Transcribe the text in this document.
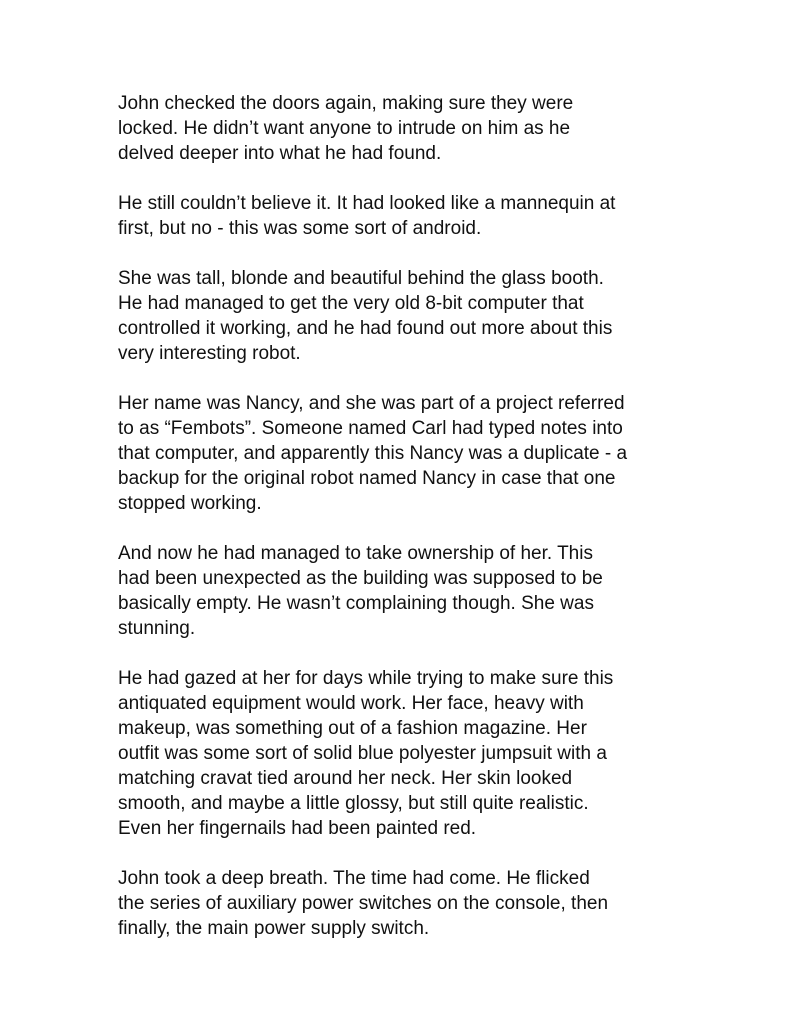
John checked the doors again, making sure they were
locked. He didn’t want anyone to intrude on him as he
delved deeper into what he had found.

He still couldn’t believe it. It had looked like a mannequin at
first, but no - this was some sort of android.

She was tall, blonde and beautiful behind the glass booth.
He had managed to get the very old 8-bit computer that
controlled it working, and he had found out more about this
very interesting robot.

Her name was Nancy, and she was part of a project referred
to as “Fembots”. Someone named Carl had typed notes into
that computer, and apparently this Nancy was a duplicate - a
backup for the original robot named Nancy in case that one
stopped working.

And now he had managed to take ownership of her. This
had been unexpected as the building was supposed to be
basically empty. He wasn’t complaining though. She was
stunning.

He had gazed at her for days while trying to make sure this
antiquated equipment would work. Her face, heavy with
makeup, was something out of a fashion magazine. Her
outfit was some sort of solid blue polyester jumpsuit with a
matching cravat tied around her neck. Her skin looked
smooth, and maybe a little glossy, but still quite realistic.
Even her fingernails had been painted red.

John took a deep breath. The time had come. He flicked
the series of auxiliary power switches on the console, then
finally, the main power supply switch.
